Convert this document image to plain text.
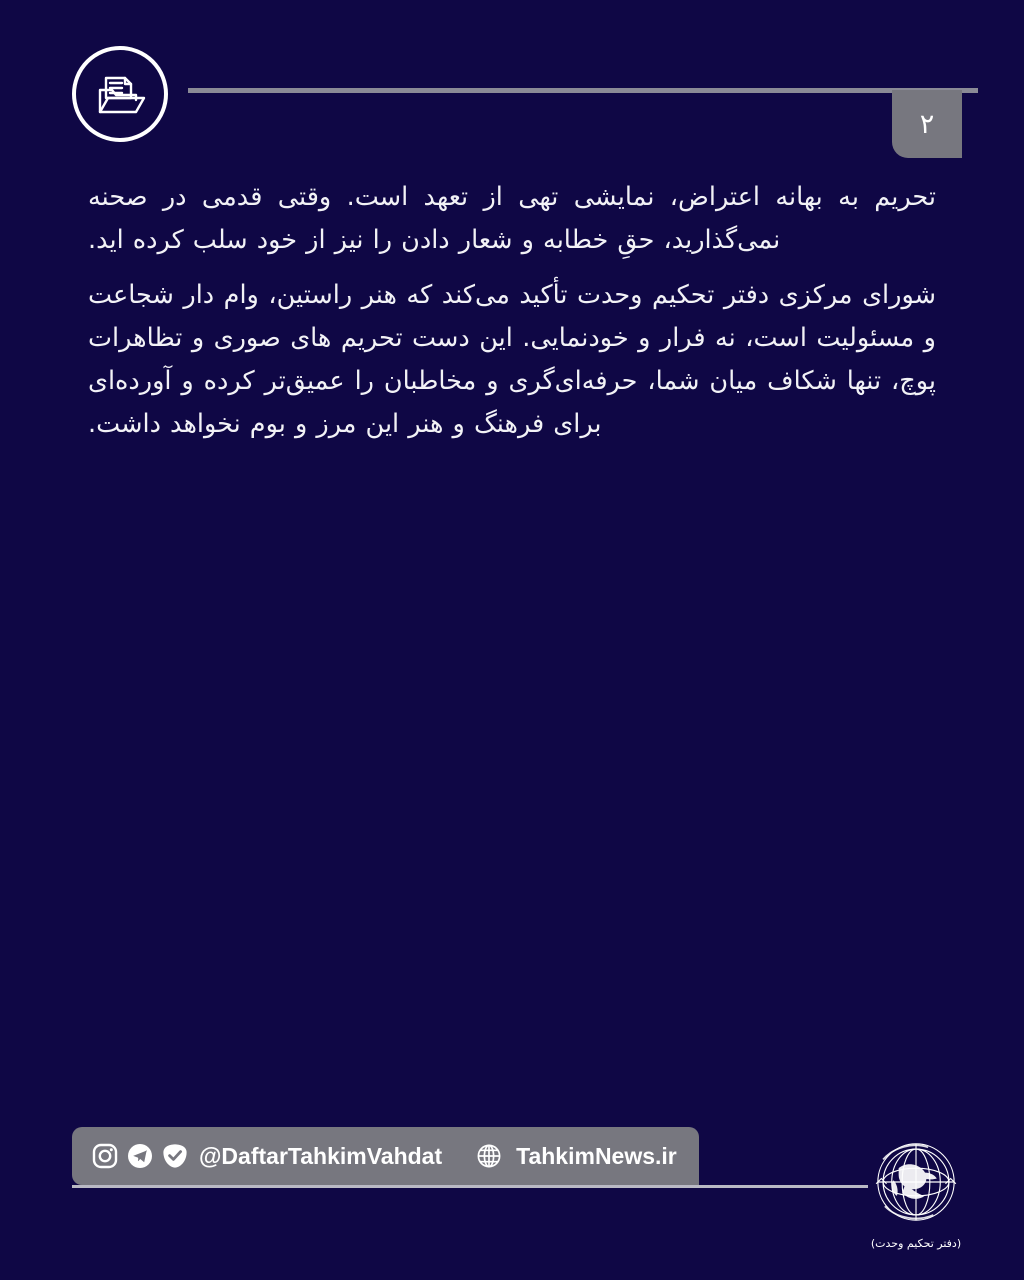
۲

تحریم به بهانه اعتراض، نمایشی تهی از تعهد است. وقتی قدمی در صحنه نمی‌گذارید، حقِ خطابه و شعار دادن را نیز از خود سلب کرده اید.

شورای مرکزی دفتر تحکیم وحدت تأکید می‌کند که هنر راستین، وام دار شجاعت و مسئولیت است، نه فرار و خودنمایی. این دست تحریم های صوری و تظاهرات پوچ، تنها شکاف میان شما، حرفه‌ای‌گری و مخاطبان را عمیق‌تر کرده و آورده‌ای برای فرهنگ و هنر این مرز و بوم نخواهد داشت.

@DaftarTahkimVahdat	TahkimNews.ir
(دفتر تحکیم وحدت)
